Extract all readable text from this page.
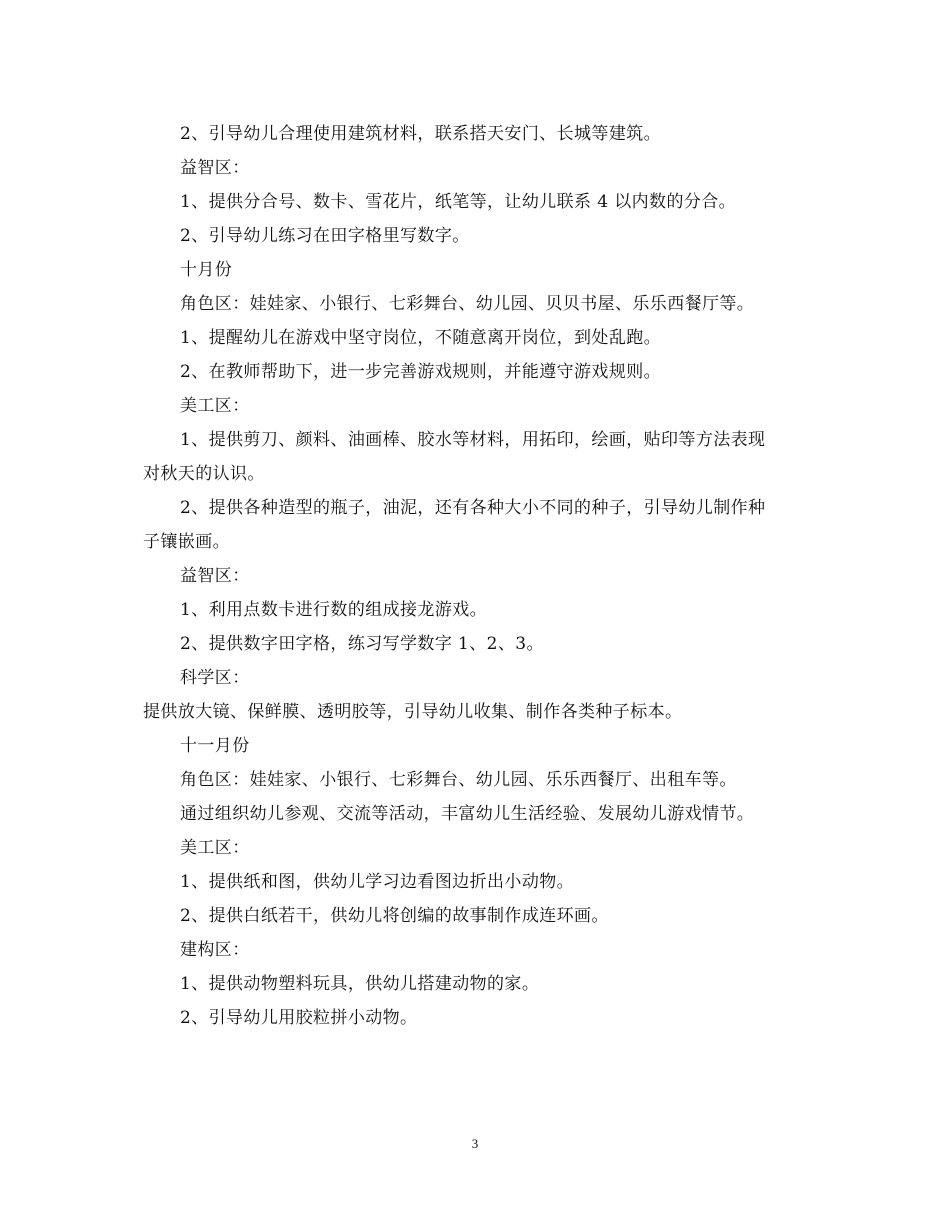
2、引导幼儿合理使用建筑材料，联系搭天安门、长城等建筑。
益智区：
1、提供分合号、数卡、雪花片，纸笔等，让幼儿联系 4 以内数的分合。
2、引导幼儿练习在田字格里写数字。
十月份
角色区：娃娃家、小银行、七彩舞台、幼儿园、贝贝书屋、乐乐西餐厅等。
1、提醒幼儿在游戏中坚守岗位，不随意离开岗位，到处乱跑。
2、在教师帮助下，进一步完善游戏规则，并能遵守游戏规则。
美工区：
1、提供剪刀、颜料、油画棒、胶水等材料，用拓印，绘画，贴印等方法表现
对秋天的认识。
2、提供各种造型的瓶子，油泥，还有各种大小不同的种子，引导幼儿制作种
子镶嵌画。
益智区：
1、利用点数卡进行数的组成接龙游戏。
2、提供数字田字格，练习写学数字 1、2、3。
科学区：
提供放大镜、保鲜膜、透明胶等，引导幼儿收集、制作各类种子标本。
十一月份
角色区：娃娃家、小银行、七彩舞台、幼儿园、乐乐西餐厅、出租车等。
通过组织幼儿参观、交流等活动，丰富幼儿生活经验、发展幼儿游戏情节。
美工区：
1、提供纸和图，供幼儿学习边看图边折出小动物。
2、提供白纸若干，供幼儿将创编的故事制作成连环画。
建构区：
1、提供动物塑料玩具，供幼儿搭建动物的家。
2、引导幼儿用胶粒拼小动物。
3
